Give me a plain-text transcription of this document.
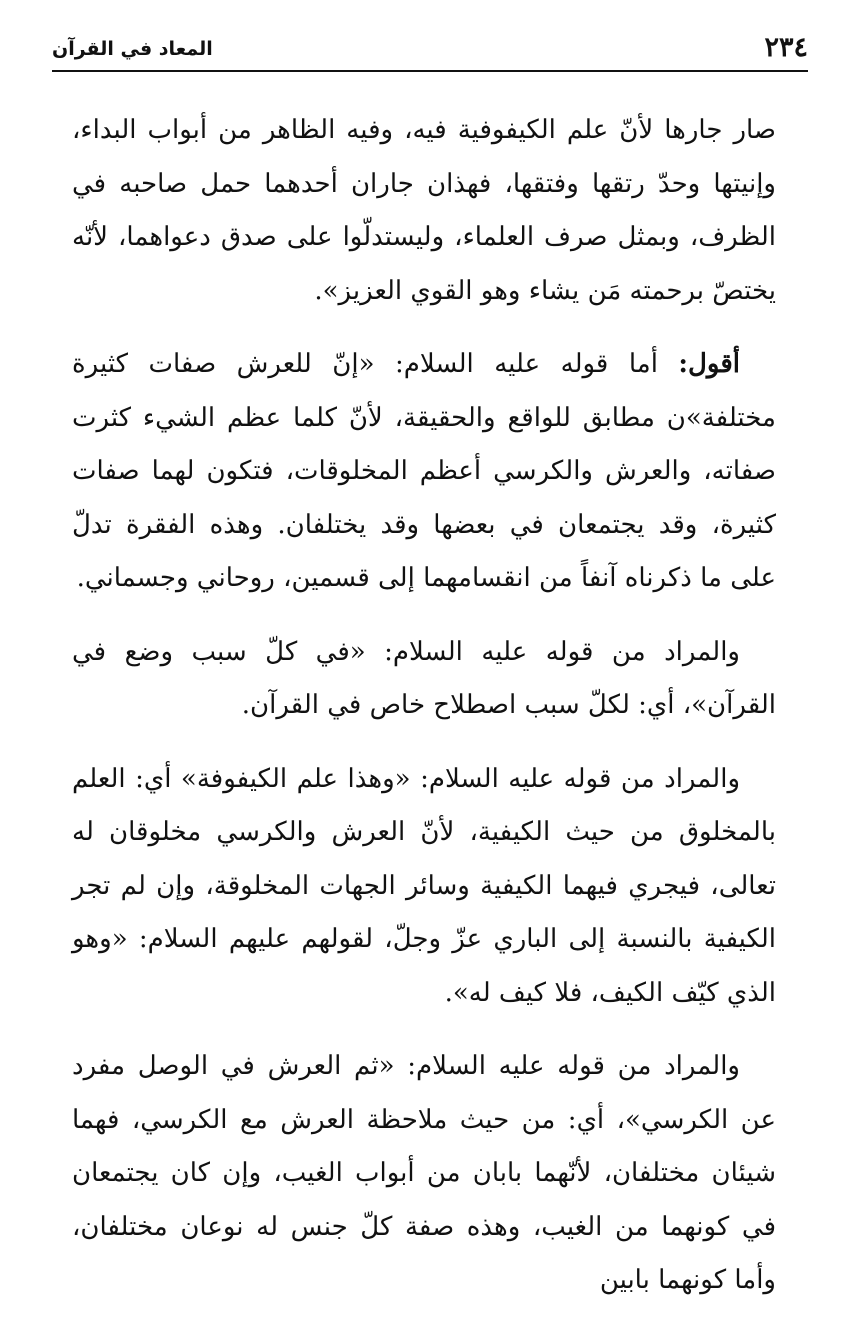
٢٣٤
المعاد في القرآن

صار جارها لأنّ علم الكيفوفية فيه، وفيه الظاهر من أبواب البداء، وإنيتها وحدّ رتقها وفتقها، فهذان جاران أحدهما حمل صاحبه في الظرف، وبمثل صرف العلماء، وليستدلّوا على صدق دعواهما، لأنّه يختصّ برحمته مَن يشاء وهو القوي العزيز».

أقول: أما قوله عليه السلام: «إنّ للعرش صفات كثيرة مختلفة»ن مطابق للواقع والحقيقة، لأنّ كلما عظم الشيء كثرت صفاته، والعرش والكرسي أعظم المخلوقات، فتكون لهما صفات كثيرة، وقد يجتمعان في بعضها وقد يختلفان. وهذه الفقرة تدلّ على ما ذكرناه آنفاً من انقسامهما إلى قسمين، روحاني وجسماني.

والمراد من قوله عليه السلام: «في كلّ سبب وضع في القرآن»، أي: لكلّ سبب اصطلاح خاص في القرآن.

والمراد من قوله عليه السلام: «وهذا علم الكيفوفة» أي: العلم بالمخلوق من حيث الكيفية، لأنّ العرش والكرسي مخلوقان له تعالى، فيجري فيهما الكيفية وسائر الجهات المخلوقة، وإن لم تجر الكيفية بالنسبة إلى الباري عزّ وجلّ، لقولهم عليهم السلام: «وهو الذي كيّف الكيف، فلا كيف له».

والمراد من قوله عليه السلام: «ثم العرش في الوصل مفرد عن الكرسي»، أي: من حيث ملاحظة العرش مع الكرسي، فهما شيئان مختلفان، لأنّهما بابان من أبواب الغيب، وإن كان يجتمعان في كونهما من الغيب، وهذه صفة كلّ جنس له نوعان مختلفان، وأما كونهما بابين
